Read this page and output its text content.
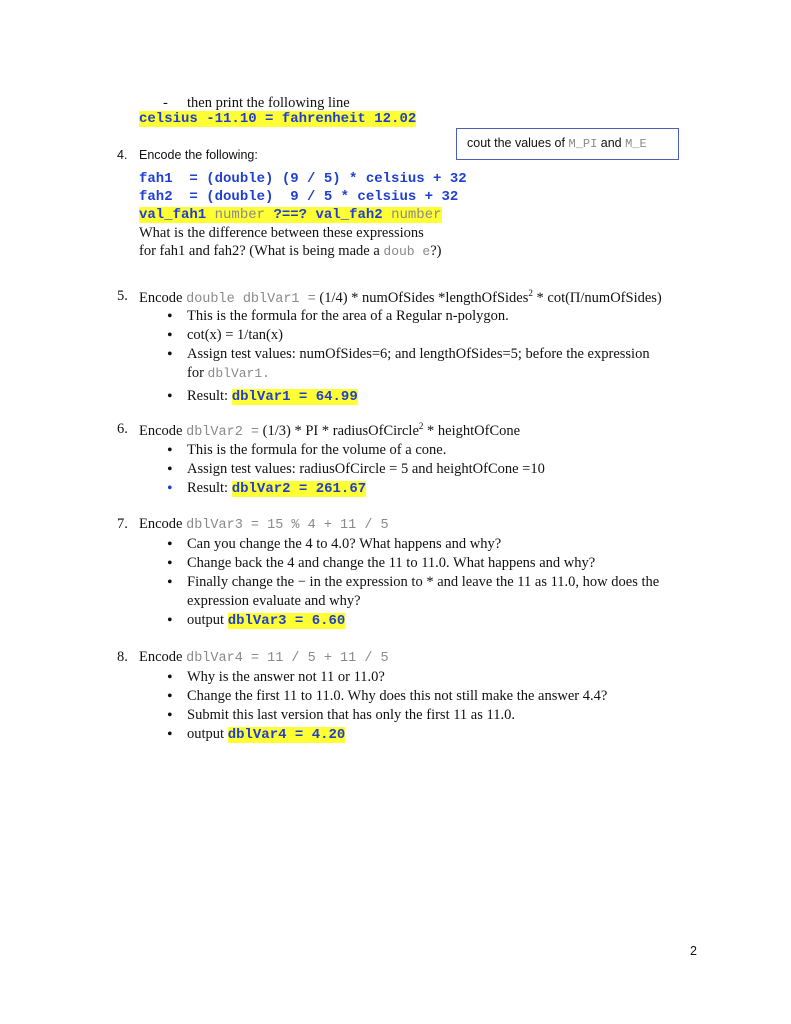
- then print the following line
celsius -11.10 = fahrenheit 12.02
cout the values of M_PI and M_E
4. Encode the following:
fah1  = (double) (9 / 5) * celsius + 32
fah2  = (double)  9 / 5 * celsius + 32
val_fah1 number ?==? val_fah2 number
What is the difference between these expressions
for fah1 and fah2? (What is being made a doub e?)
5. Encode double dblVar1 = (1/4) * numOfSides *lengthOfSides$^2$ * cot(Π/numOfSides)
• This is the formula for the area of a Regular n-polygon.
• cot(x) = 1/tan(x)
• Assign test values: numOfSides=6; and lengthOfSides=5; before the expression
for dblVar1.
• Result: dblVar1 = 64.99
6. Encode dblVar2 = (1/3) * PI * radiusOfCircle$^2$ * heightOfCone
• This is the formula for the volume of a cone.
• Assign test values: radiusOfCircle = 5 and heightOfCone =10
• Result: dblVar2 = 261.67
7. Encode dblVar3 = 15 % 4 + 11 / 5
• Can you change the 4 to 4.0? What happens and why?
• Change back the 4 and change the 11 to 11.0. What happens and why?
• Finally change the − in the expression to * and leave the 11 as 11.0, how does the
expression evaluate and why?
• output dblVar3 = 6.60
8. Encode dblVar4 = 11 / 5 + 11 / 5
• Why is the answer not 11 or 11.0?
• Change the first 11 to 11.0. Why does this not still make the answer 4.4?
• Submit this last version that has only the first 11 as 11.0.
• output dblVar4 = 4.20
2
